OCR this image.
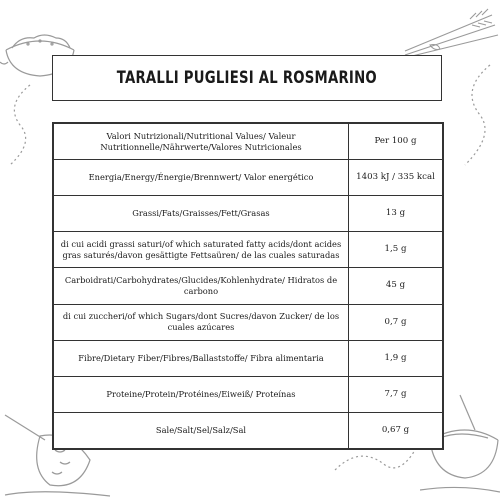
TARALLI PUGLIESI AL ROSMARINO
Valori Nutrizionali/Nutritional Values/ Valeur Nutritionnelle/Nährwerte/Valores Nutricionales	Per 100 g
Energia/Energy/Énergie/Brennwert/ Valor energético	1403 kJ / 335 kcal
Grassi/Fats/Graisses/Fett/Grasas	13 g
di cui acidi grassi saturi/of which saturated fatty acids/dont acides gras saturés/davon gesättigte Fettsaüren/ de las cuales saturadas	1,5 g
Carboidrati/Carbohydrates/Glucides/Kohlenhydrate/ Hidratos de carbono	45 g
di cui zuccheri/of which Sugars/dont Sucres/davon Zucker/ de los cuales azúcares	0,7 g
Fibre/Dietary Fiber/Fibres/Ballaststoffe/ Fibra alimentaria	1,9 g
Proteine/Protein/Protéines/Eiweiß/ Proteínas	7,7 g
Sale/Salt/Sel/Salz/Sal	0,67 g
